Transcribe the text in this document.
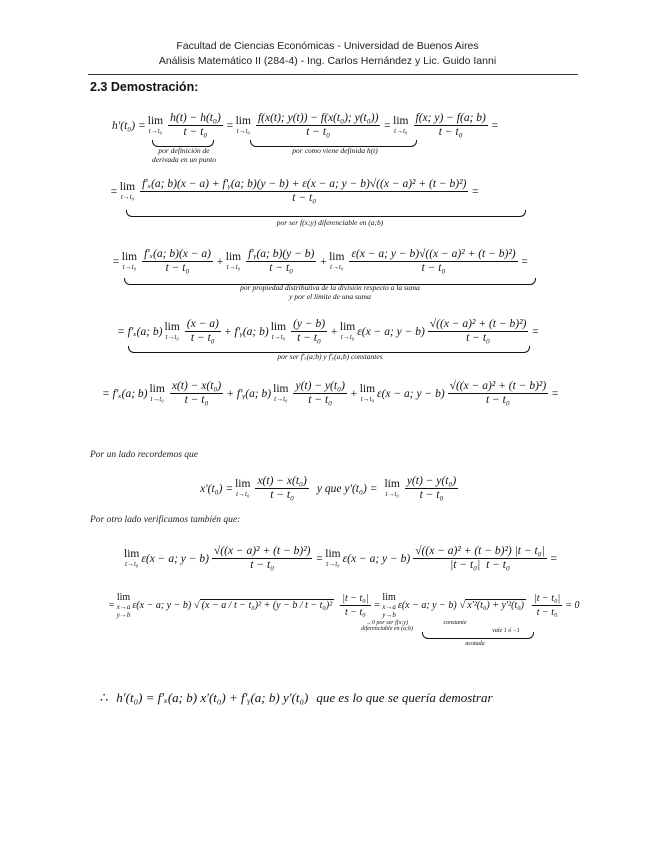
Facultad de Ciencias Económicas - Universidad de Buenos Aires
Análisis Matemático II (284-4) - Ing. Carlos Hernández y Lic. Guido Ianni
2.3 Demostración:
h′(t₀) = lim
$t\to t_0 \frac{\text{h(t) − h(t₀)}}{\text{t − t₀}} = \lim$
$t\to t_0 \frac{\text{f(x(t); y(t)) − f(x(t₀); y(t₀))}}{\text{t − t₀}} = \lim$
$t\to t_0 \frac{f(x; y) - f(a; b)}{\text{t − t₀}}$ =
por definición de derivada en un punto
por como viene definida h(t)
= lim
t→t₀
f′ₓ(a; b)(x − a) + f′ᵧ(a; b)(y − b) + ε(x − a; y − b)√((x − a)² + (t − b)²)
t − t₀
=
por ser f(x;y) diferenciable en (a;b)
= lim
$t\to t_0 \frac{\text{f′ₓ(a; b)(x − a)}}{\text{t − t₀}} + \lim$
$t\to t_0 \frac{\text{f′ᵧ(a; b)(y − b)}}{\text{t − t₀}} + \lim$
$t\to t_0 \frac{\text{ε(x − a; y − b)√((x − a)² + (t − b)²)}}{\text{t − t₀}}$ =
por propiedad distributiva de la división respecto a la suma
y por el límite de una suma
= f′ₓ(a; b) lim
$t\to t_0 \frac{(x - a)}{\text{t − t₀}}$ + f′ᵧ(a; b) lim
$t\to t_0 \frac{(y - b)}{\text{t − t₀}} + \lim$
t→t₀ ε(x − a; $y - b) \frac{\text{√((x − a)² + (t − b)²)}}{\text{t − t₀}}$ =
por ser f′ₓ(a;b) y f′ᵧ(a;b) constantes
= f′ₓ(a; b) lim
$t\to t_0 \frac{\text{x(t) − x(t₀)}}{\text{t − t₀}}$ + f′ᵧ(a; b) lim
$t\to t_0 \frac{\text{y(t) − y(t₀)}}{\text{t − t₀}} + \lim$
t→t₀ ε(x − a; $y - b) \frac{\text{√((x − a)² + (t − b)²)}}{\text{t − t₀}}$ =
Por un lado recordemos que
x′(t₀) = lim
$t\to t_0 \frac{\text{x(t) − x(t₀)}}{\text{t − t₀}}$ y que y′(t₀) = lim
$t\to t_0 \frac{\text{y(t) − y(t₀)}}{\text{t − t₀}}$
Por otro lado verificamos también que:
lim
t→t₀ ε(x − a; $y - b) \frac{\text{√((x − a)² + (t − b)²)}}{\text{t − t₀}} = \lim$
t→t₀ ε(x − a; $y - b) \frac{\text{√((x − a)² + (t − b)²) |t − t₀|}}{\text{|t − t₀| t − t₀}}$ =
=
lim
x→a
y→b
ε(x − a; y − b) √ $(x - a / t - t_0)^2 + (y - b / t - t_0)^2 \frac{\text{|t − t₀|}}{\text{t − t₀}}$ =
lim
x→a
y→b
ε(x − a; y − b) √ $x'^2(t_0) + y'^2(t_0) \frac{\text{|t − t₀|}}{\text{t − t₀}} = 0$
→0 por ser f(x;y) diferenciable en (a;b)
constante
vale 1 ó −1
acotada
∴ h′(t₀) = f′ₓ(a; b) x′(t₀) + f′ᵧ(a; b) y′(t₀) que es lo que se quería demostrar
